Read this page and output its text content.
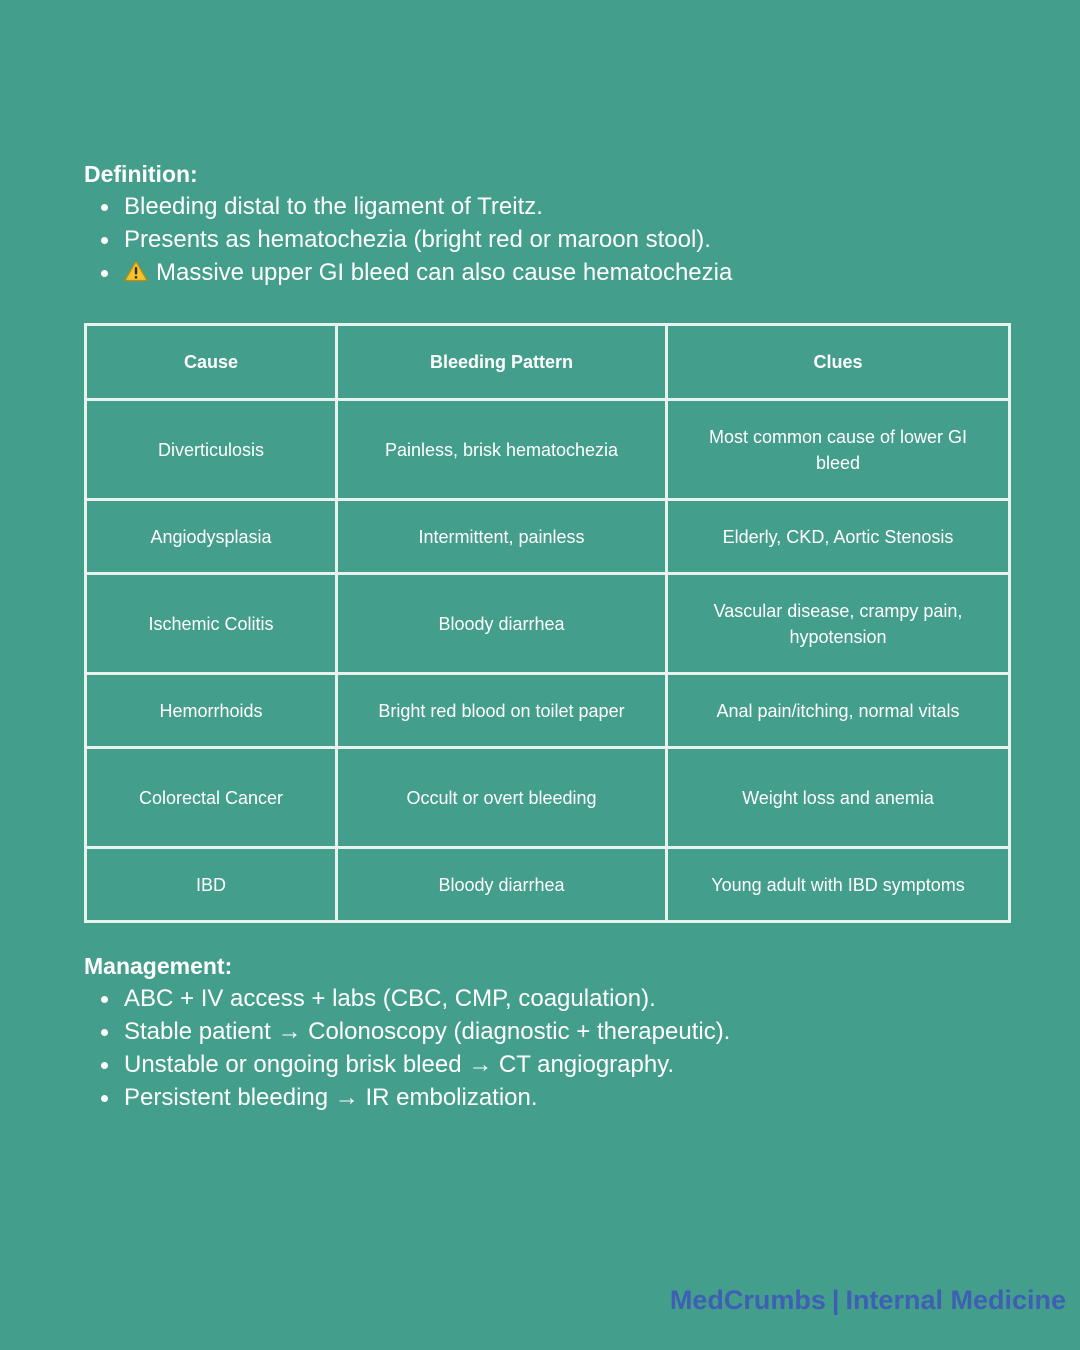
Definition:
Bleeding distal to the ligament of Treitz.
Presents as hematochezia (bright red or maroon stool).
Massive upper GI bleed can also cause hematochezia
Cause	Bleeding Pattern	Clues
Diverticulosis	Painless, brisk hematochezia	Most common cause of lower GI bleed
Angiodysplasia	Intermittent, painless	Elderly, CKD, Aortic Stenosis
Ischemic Colitis	Bloody diarrhea	Vascular disease, crampy pain, hypotension
Hemorrhoids	Bright red blood on toilet paper	Anal pain/itching, normal vitals
Colorectal Cancer	Occult or overt bleeding	Weight loss and anemia
IBD	Bloody diarrhea	Young adult with IBD symptoms
Management:
ABC + IV access + labs (CBC, CMP, coagulation).
Stable patient → Colonoscopy (diagnostic + therapeutic).
Unstable or ongoing brisk bleed → CT angiography.
Persistent bleeding → IR embolization.
MedCrumbs | Internal Medicine
